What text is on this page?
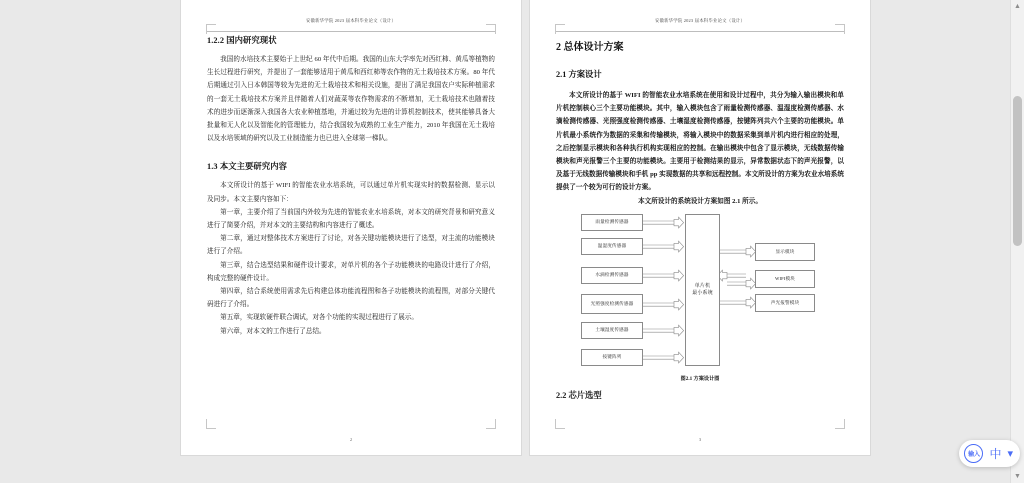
安徽新华学院 2023 届本科毕业论文（设计）
1.2.2 国内研究现状

我国的水培技术主要始于上世纪 60 年代中后期。我国的山东大学率先对西红柿、黄瓜等植物的生长过程进行研究，并提出了一套能够适用于黄瓜和西红柿等农作物的无土栽培技术方案。80 年代后期通过引入日本韩国等较为先进的无土栽培技术和相关设施，提出了满足我国农户实际种植需求的一套无土栽培技术方案并且伴随着人们对蔬菜等农作物需求的不断增加，无土栽培技术也随着技术的进步而逐渐深入我国各大农业种植基地，并通过较为先进的计算机控制技术，使其能够具备大批量和无人化以及智能化的管理能力，结合我国较为成熟的工业生产能力，2010 年我国在无土栽培以及水培领域的研究以及工业制造能力也已进入全球第一梯队。

1.3 本文主要研究内容

本文所设计的基于 WIFI 的智能农业水培系统，可以通过单片机实现实时的数据检测、显示以及同步。本文主要内容如下：

第一章，主要介绍了当前国内外较为先进的智能农业水培系统，对本文的研究背景和研究意义进行了简要介绍，并对本文的主要结构和内容进行了概述。

第二章，通过对整体技术方案进行了讨论，对各关键功能模块进行了选型，对主流的功能模块进行了介绍。

第三章，结合选型结果和硬件设计要求，对单片机的各个子功能模块的电路设计进行了介绍，构成完整的硬件设计。

第四章，结合系统使用需求先后构建总体功能流程图和各子功能模块的流程图，对部分关键代码进行了介绍。

第五章，实现软硬件联合调试，对各个功能的实现过程进行了展示。

第六章，对本文的工作进行了总结。

2
安徽新华学院 2023 届本科毕业论文（设计）
2 总体设计方案
2.1 方案设计

本文所设计的基于 WIFI 的智能农业水培系统在使用和设计过程中，共分为输入输出模块和单片机控制核心三个主要功能模块。其中，输入模块包含了雨量检测传感器、温湿度检测传感器、水滴检测传感器、光照强度检测传感器、土壤湿度检测传感器，按键阵列共六个主要的功能模块。单片机最小系统作为数据的采集和传输模块，将输入模块中的数据采集到单片机内进行相应的处理，之后控制显示模块和各种执行机构实现相应的控制。在输出模块中包含了显示模块，无线数据传输模块和声光报警三个主要的功能模块。主要用于检测结果的显示，异常数据状态下的声光报警，以及基于无线数据传输模块和手机 pp 实现数据的共享和远程控制。本文所设计的方案为农业水培系统提供了一个较为可行的设计方案。

本文所设计的系统设计方案如图 2.1 所示。

雨量检测传感器
温湿度传感器
水滴检测传感器
光照强度检测传感器
土壤湿度传感器
按键阵列
单片机
最小系统
显示模块
WIFI模块
声光报警模块
图2.1 方案设计图
2.2 芯片选型
3
▲
▼
输入 中 ▾
